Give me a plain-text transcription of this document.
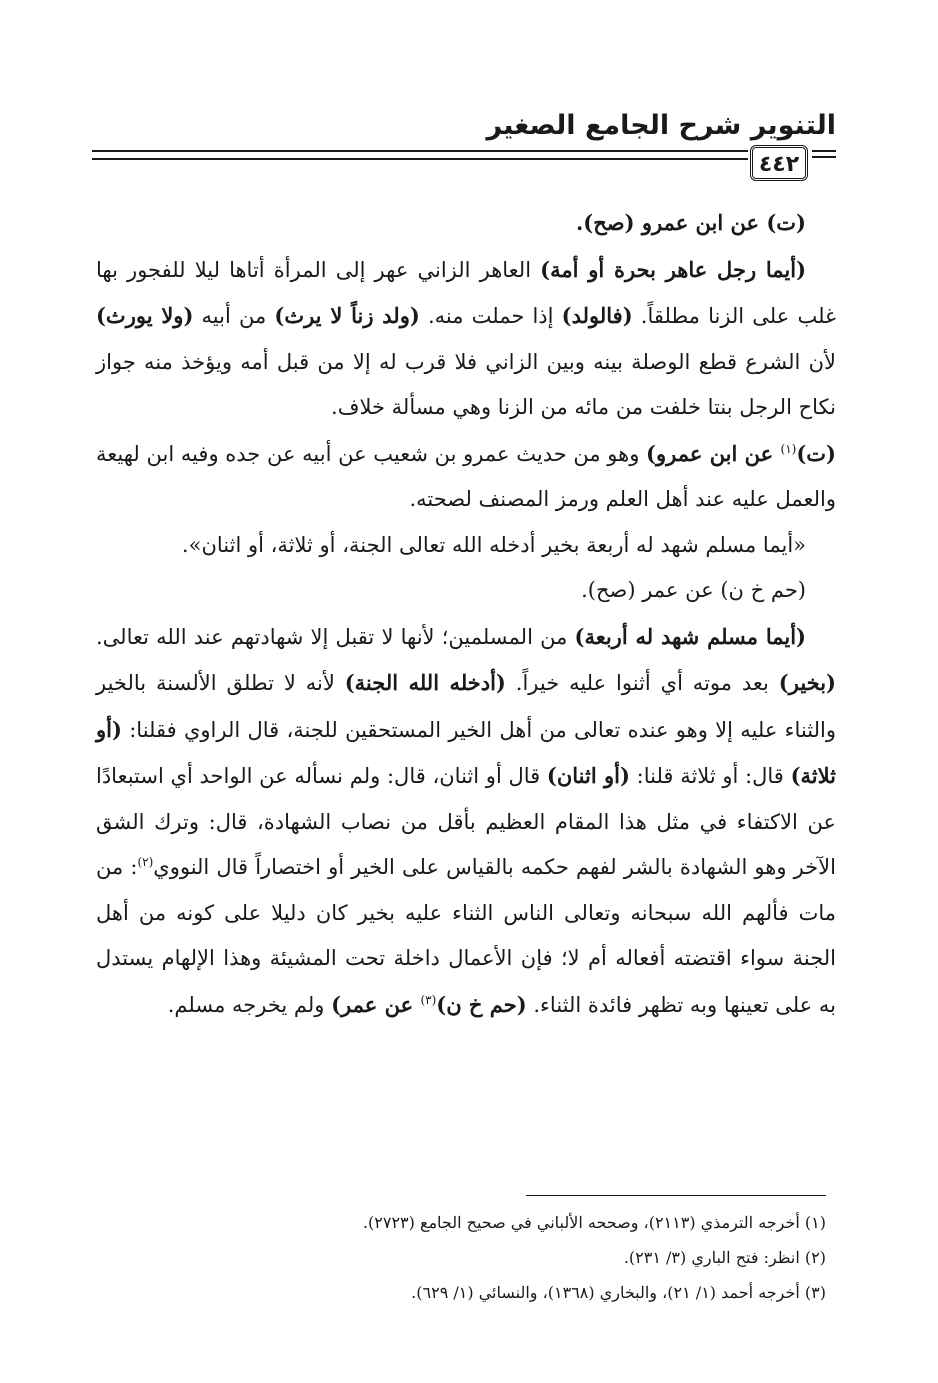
التنوير شرح الجامع الصغير
٤٤٢

(ت) عن ابن عمرو (صح).

(أيما رجل عاهر بحرة أو أمة) العاهر الزاني عهر إلى المرأة أتاها ليلا للفجور بها غلب على الزنا مطلقاً. (فالولد) إذا حملت منه. (ولد زناً لا يرث) من أبيه (ولا يورث) لأن الشرع قطع الوصلة بينه وبين الزاني فلا قرب له إلا من قبل أمه ويؤخذ منه جواز نكاح الرجل بنتا خلفت من مائه من الزنا وهي مسألة خلاف.

(ت)$^{(١)}$ عن ابن عمرو) وهو من حديث عمرو بن شعيب عن أبيه عن جده وفيه ابن لهيعة والعمل عليه عند أهل العلم ورمز المصنف لصحته.

«أيما مسلم شهد له أربعة بخير أدخله الله تعالى الجنة، أو ثلاثة، أو اثنان».

(حم خ ن) عن عمر (صح).

(أيما مسلم شهد له أربعة) من المسلمين؛ لأنها لا تقبل إلا شهادتهم عند الله تعالى. (بخير) بعد موته أي أثنوا عليه خيراً. (أدخله الله الجنة) لأنه لا تطلق الألسنة بالخير والثناء عليه إلا وهو عنده تعالى من أهل الخير المستحقين للجنة، قال الراوي فقلنا: (أو ثلاثة) قال: أو ثلاثة قلنا: (أو اثنان) قال أو اثنان، قال: ولم نسأله عن الواحد أي استبعادًا عن الاكتفاء في مثل هذا المقام العظيم بأقل من نصاب الشهادة، قال: وترك الشق الآخر وهو الشهادة بالشر لفهم حكمه بالقياس على الخير أو اختصاراً قال النووي$^{(٢)}$: من مات فألهم الله سبحانه وتعالى الناس الثناء عليه بخير كان دليلا على كونه من أهل الجنة سواء اقتضته أفعاله أم لا؛ فإن الأعمال داخلة تحت المشيئة وهذا الإلهام يستدل به على تعينها وبه تظهر فائدة الثناء. (حم خ ن)$^{(٣)}$ عن عمر) ولم يخرجه مسلم.

(١) أخرجه الترمذي (٢١١٣)، وصححه الألباني في صحيح الجامع (٢٧٢٣).

(٢) انظر: فتح الباري (٣/ ٢٣١).

(٣) أخرجه أحمد (١/ ٢١)، والبخاري (١٣٦٨)، والنسائي (١/ ٦٢٩).
